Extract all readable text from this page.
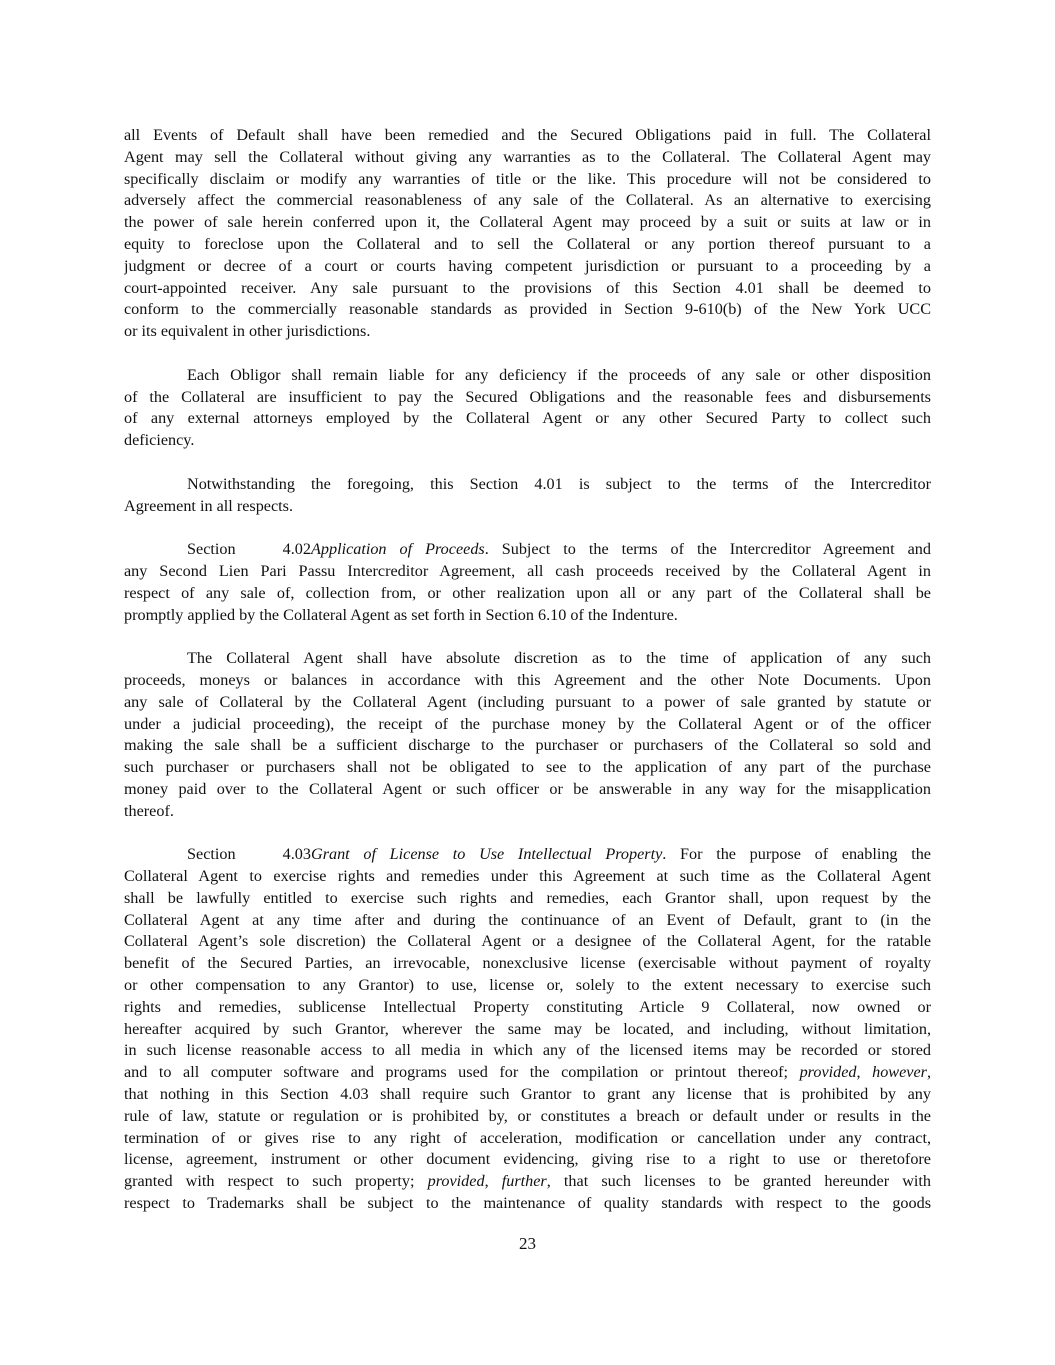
all Events of Default shall have been remedied and the Secured Obligations paid in full. The Collateral
Agent may sell the Collateral without giving any warranties as to the Collateral. The Collateral Agent may
specifically disclaim or modify any warranties of title or the like. This procedure will not be considered to
adversely affect the commercial reasonableness of any sale of the Collateral. As an alternative to exercising
the power of sale herein conferred upon it, the Collateral Agent may proceed by a suit or suits at law or in
equity to foreclose upon the Collateral and to sell the Collateral or any portion thereof pursuant to a
judgment or decree of a court or courts having competent jurisdiction or pursuant to a proceeding by a
court-appointed receiver. Any sale pursuant to the provisions of this Section 4.01 shall be deemed to
conform to the commercially reasonable standards as provided in Section 9-610(b) of the New York UCC
or its equivalent in other jurisdictions.
Each Obligor shall remain liable for any deficiency if the proceeds of any sale or other disposition
of the Collateral are insufficient to pay the Secured Obligations and the reasonable fees and disbursements
of any external attorneys employed by the Collateral Agent or any other Secured Party to collect such
deficiency.
Notwithstanding the foregoing, this Section 4.01 is subject to the terms of the Intercreditor
Agreement in all respects.
Section 4.02Application of Proceeds. Subject to the terms of the Intercreditor Agreement and
any Second Lien Pari Passu Intercreditor Agreement, all cash proceeds received by the Collateral Agent in
respect of any sale of, collection from, or other realization upon all or any part of the Collateral shall be
promptly applied by the Collateral Agent as set forth in Section 6.10 of the Indenture.
The Collateral Agent shall have absolute discretion as to the time of application of any such
proceeds, moneys or balances in accordance with this Agreement and the other Note Documents. Upon
any sale of Collateral by the Collateral Agent (including pursuant to a power of sale granted by statute or
under a judicial proceeding), the receipt of the purchase money by the Collateral Agent or of the officer
making the sale shall be a sufficient discharge to the purchaser or purchasers of the Collateral so sold and
such purchaser or purchasers shall not be obligated to see to the application of any part of the purchase
money paid over to the Collateral Agent or such officer or be answerable in any way for the misapplication
thereof.
Section 4.03Grant of License to Use Intellectual Property. For the purpose of enabling the
Collateral Agent to exercise rights and remedies under this Agreement at such time as the Collateral Agent
shall be lawfully entitled to exercise such rights and remedies, each Grantor shall, upon request by the
Collateral Agent at any time after and during the continuance of an Event of Default, grant to (in the
Collateral Agent’s sole discretion) the Collateral Agent or a designee of the Collateral Agent, for the ratable
benefit of the Secured Parties, an irrevocable, nonexclusive license (exercisable without payment of royalty
or other compensation to any Grantor) to use, license or, solely to the extent necessary to exercise such
rights and remedies, sublicense Intellectual Property constituting Article 9 Collateral, now owned or
hereafter acquired by such Grantor, wherever the same may be located, and including, without limitation,
in such license reasonable access to all media in which any of the licensed items may be recorded or stored
and to all computer software and programs used for the compilation or printout thereof; provided, however,
that nothing in this Section 4.03 shall require such Grantor to grant any license that is prohibited by any
rule of law, statute or regulation or is prohibited by, or constitutes a breach or default under or results in the
termination of or gives rise to any right of acceleration, modification or cancellation under any contract,
license, agreement, instrument or other document evidencing, giving rise to a right to use or theretofore
granted with respect to such property; provided, further, that such licenses to be granted hereunder with
respect to Trademarks shall be subject to the maintenance of quality standards with respect to the goods
23
